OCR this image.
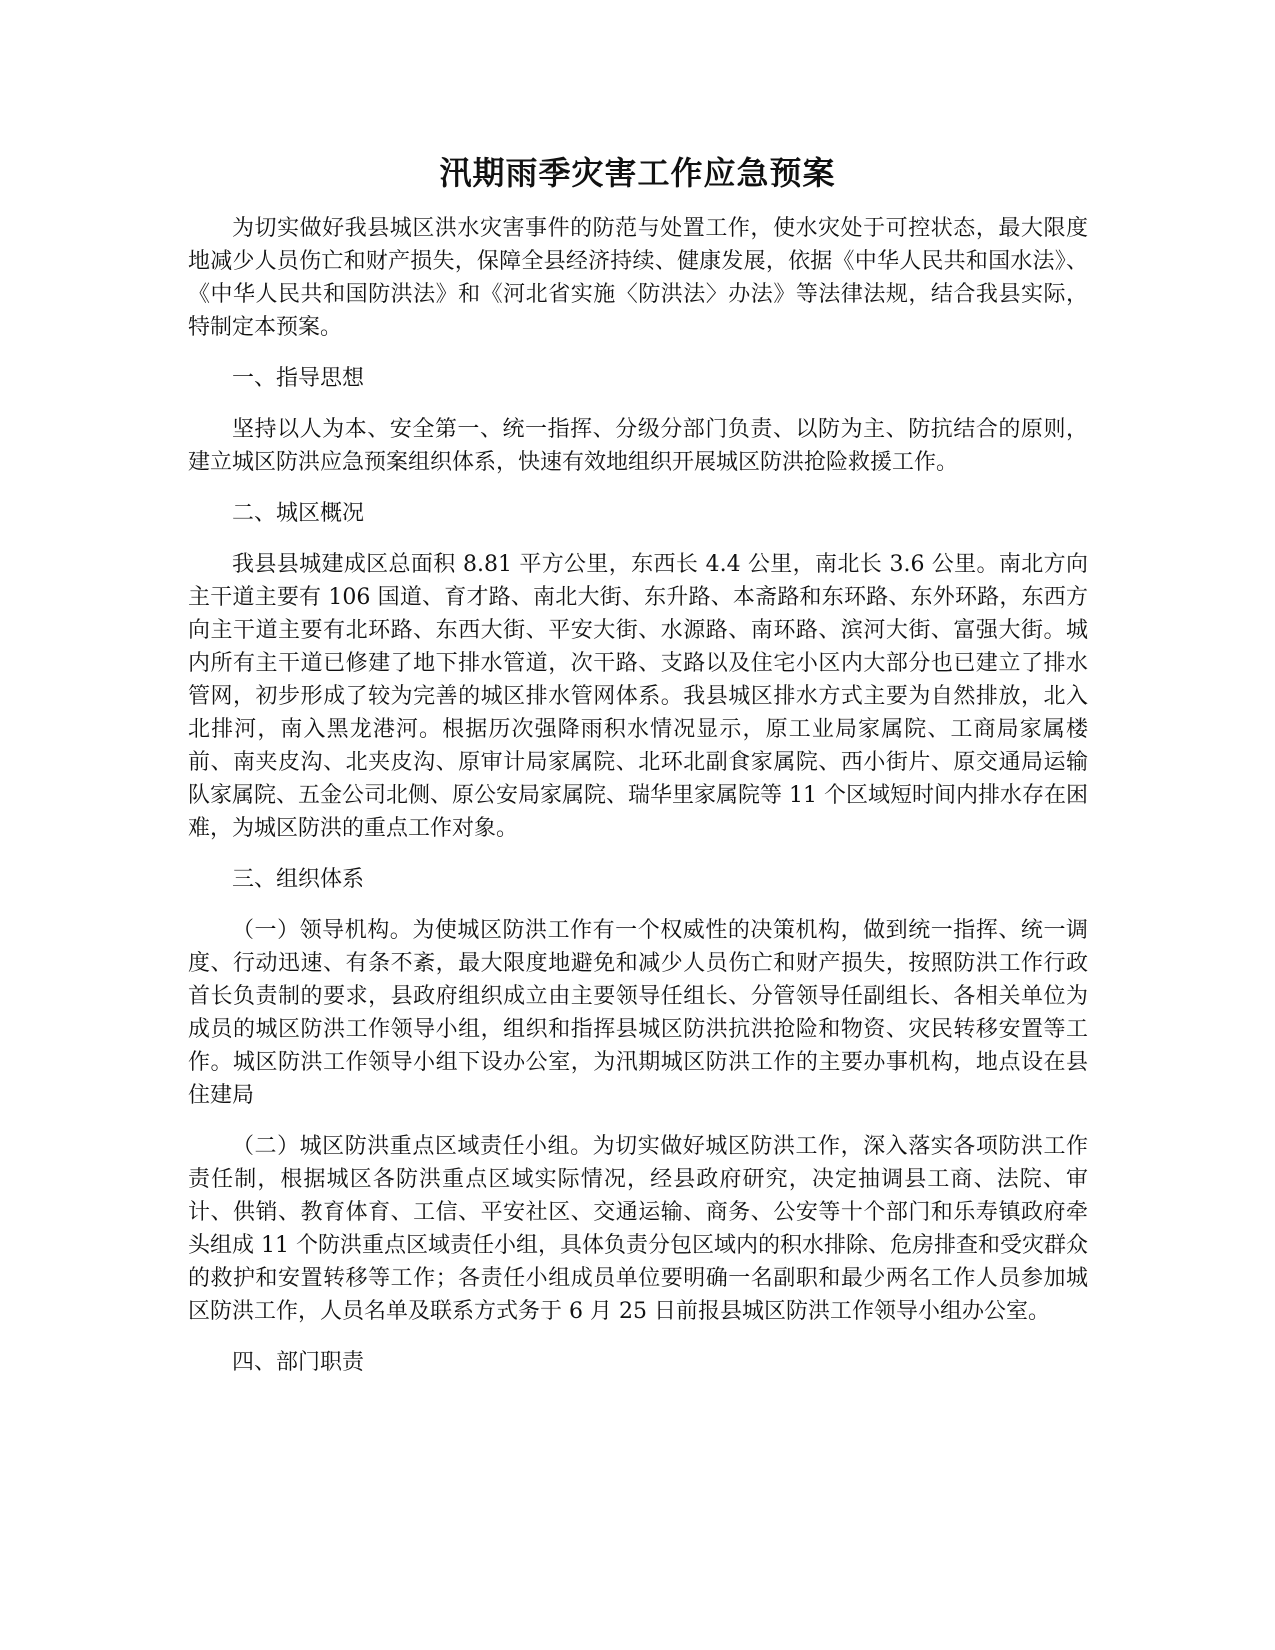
汛期雨季灾害工作应急预案

为切实做好我县城区洪水灾害事件的防范与处置工作，使水灾处于可控状态，最大限度地减少人员伤亡和财产损失，保障全县经济持续、健康发展，依据《中华人民共和国水法》、《中华人民共和国防洪法》和《河北省实施〈防洪法〉办法》等法律法规，结合我县实际，特制定本预案。

一、指导思想

坚持以人为本、安全第一、统一指挥、分级分部门负责、以防为主、防抗结合的原则，建立城区防洪应急预案组织体系，快速有效地组织开展城区防洪抢险救援工作。

二、城区概况

我县县城建成区总面积 8.81 平方公里，东西长 4.4 公里，南北长 3.6 公里。南北方向主干道主要有 106 国道、育才路、南北大街、东升路、本斋路和东环路、东外环路，东西方向主干道主要有北环路、东西大街、平安大街、水源路、南环路、滨河大街、富强大街。城内所有主干道已修建了地下排水管道，次干路、支路以及住宅小区内大部分也已建立了排水管网，初步形成了较为完善的城区排水管网体系。我县城区排水方式主要为自然排放，北入北排河，南入黑龙港河。根据历次强降雨积水情况显示，原工业局家属院、工商局家属楼前、南夹皮沟、北夹皮沟、原审计局家属院、北环北副食家属院、西小街片、原交通局运输队家属院、五金公司北侧、原公安局家属院、瑞华里家属院等 11 个区域短时间内排水存在困难，为城区防洪的重点工作对象。

三、组织体系

（一）领导机构。为使城区防洪工作有一个权威性的决策机构，做到统一指挥、统一调度、行动迅速、有条不紊，最大限度地避免和减少人员伤亡和财产损失，按照防洪工作行政首长负责制的要求，县政府组织成立由主要领导任组长、分管领导任副组长、各相关单位为成员的城区防洪工作领导小组，组织和指挥县城区防洪抗洪抢险和物资、灾民转移安置等工作。城区防洪工作领导小组下设办公室，为汛期城区防洪工作的主要办事机构，地点设在县住建局

（二）城区防洪重点区域责任小组。为切实做好城区防洪工作，深入落实各项防洪工作责任制，根据城区各防洪重点区域实际情况，经县政府研究，决定抽调县工商、法院、审计、供销、教育体育、工信、平安社区、交通运输、商务、公安等十个部门和乐寿镇政府牵头组成 11 个防洪重点区域责任小组，具体负责分包区域内的积水排除、危房排查和受灾群众的救护和安置转移等工作；各责任小组成员单位要明确一名副职和最少两名工作人员参加城区防洪工作，人员名单及联系方式务于 6 月 25 日前报县城区防洪工作领导小组办公室。

四、部门职责
